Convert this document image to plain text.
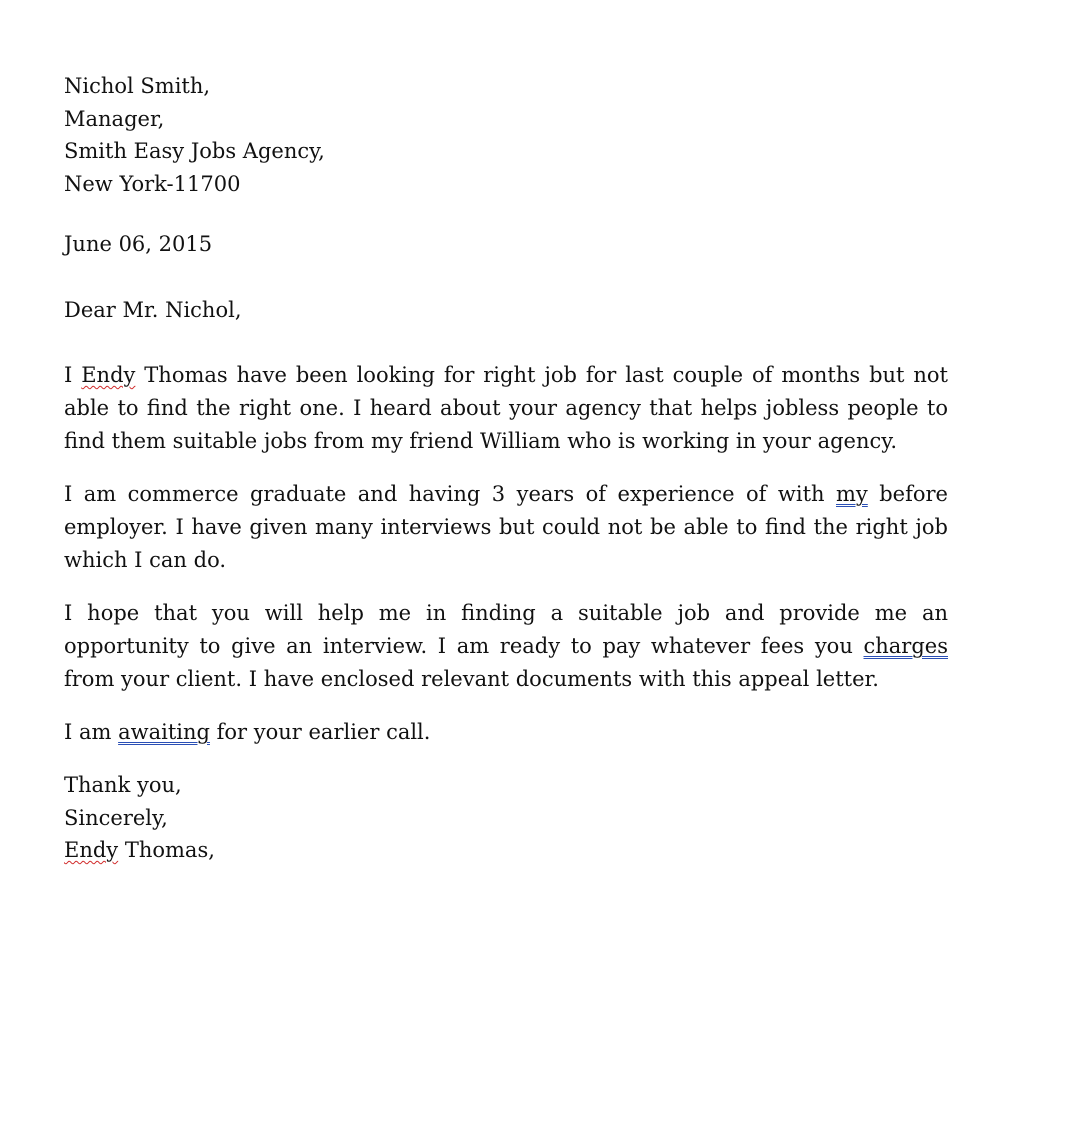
Nichol Smith,

Manager,

Smith Easy Jobs Agency,

New York-11700

June 06, 2015

Dear Mr. Nichol,

I Endy Thomas have been looking for right job for last couple of months but not able to find the right one. I heard about your agency that helps jobless people to find them suitable jobs from my friend William who is working in your agency.

I am commerce graduate and having 3 years of experience of with my before employer. I have given many interviews but could not be able to find the right job which I can do.

I hope that you will help me in finding a suitable job and provide me an opportunity to give an interview. I am ready to pay whatever fees you charges from your client. I have enclosed relevant documents with this appeal letter.

I am awaiting for your earlier call.

Thank you,

Sincerely,

Endy Thomas,
